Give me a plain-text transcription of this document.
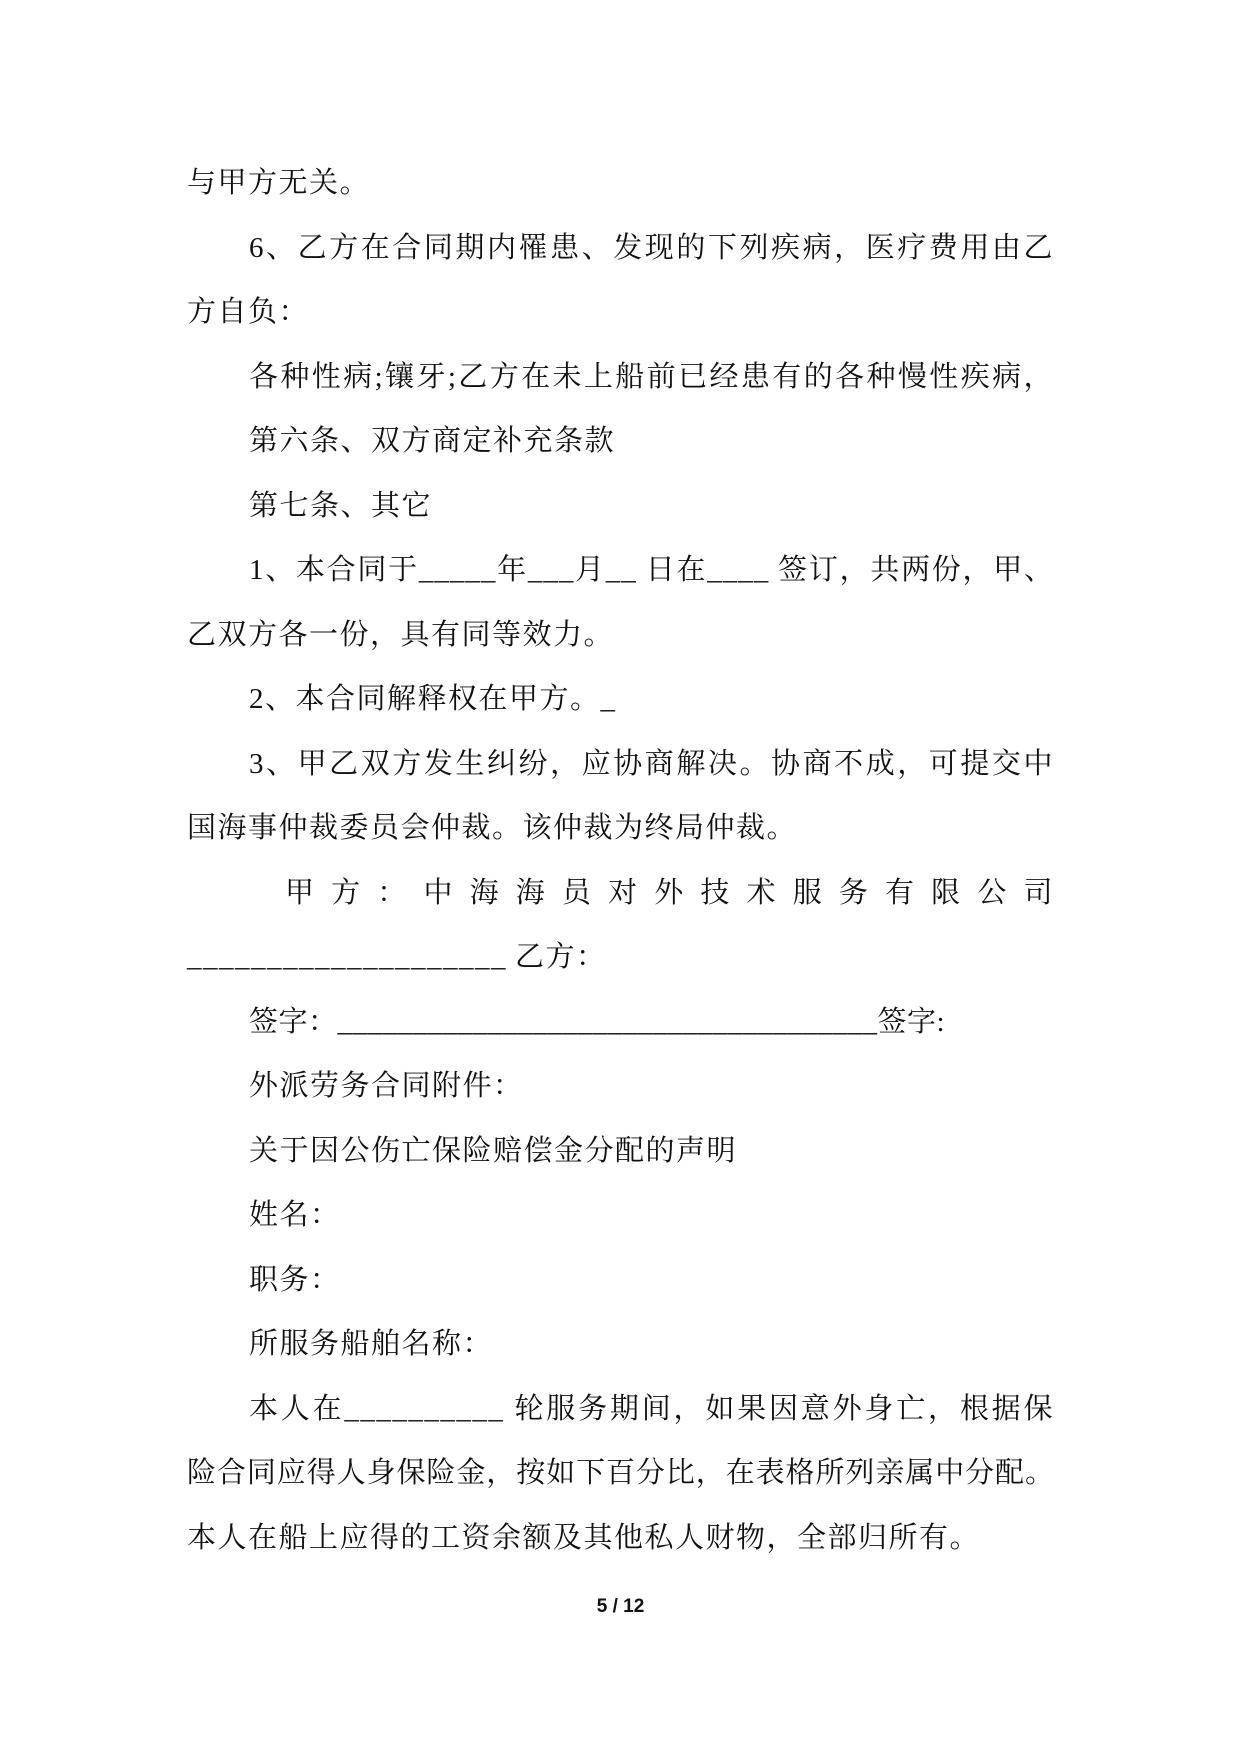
与甲方无关。
6、乙方在合同期内罹患、发现的下列疾病，医疗费用由乙
方自负：
各种性病;镶牙;乙方在未上船前已经患有的各种慢性疾病，
第六条、双方商定补充条款
第七条、其它
1、本合同于_____年___月__ 日在____ 签订，共两份，甲、
乙双方各一份，具有同等效力。
2、本合同解释权在甲方。_
3、甲乙双方发生纠纷，应协商解决。协商不成，可提交中
国海事仲裁委员会仲裁。该仲裁为终局仲裁。
甲方：中海海员对外技术服务有限公司
____________________ 乙方：
签字：____________________________________签字:
外派劳务合同附件：
关于因公伤亡保险赔偿金分配的声明
姓名：
职务：
所服务船舶名称：
本人在__________ 轮服务期间，如果因意外身亡，根据保
险合同应得人身保险金，按如下百分比，在表格所列亲属中分配。
本人在船上应得的工资余额及其他私人财物，全部归所有。
5 / 12
